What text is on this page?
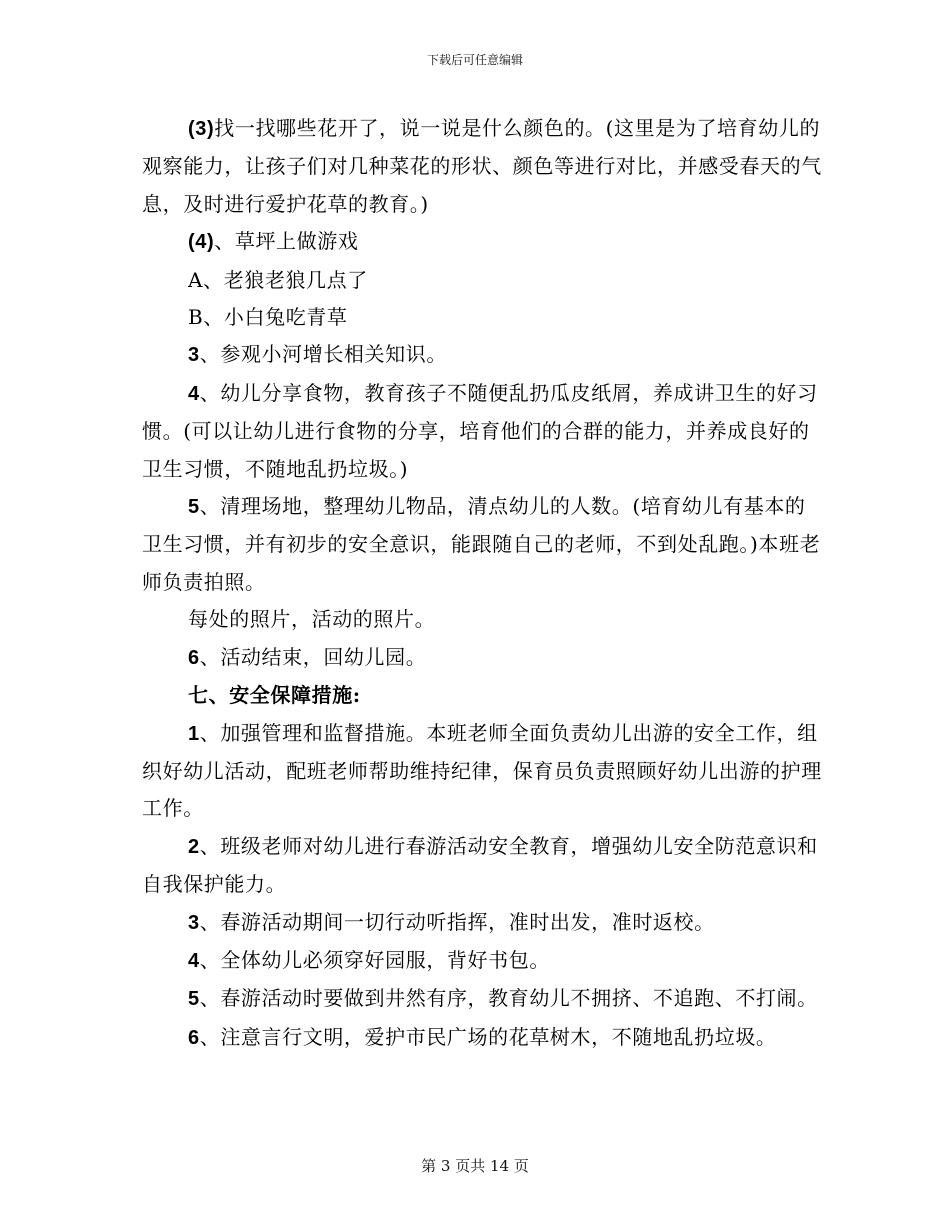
下载后可任意编辑

(3)找一找哪些花开了，说一说是什么颜色的。(这里是为了培育幼儿的观察能力，让孩子们对几种菜花的形状、颜色等进行对比，并感受春天的气息，及时进行爱护花草的教育。)

(4)、草坪上做游戏

A、老狼老狼几点了

B、小白兔吃青草

3、参观小河增长相关知识。

4、幼儿分享食物，教育孩子不随便乱扔瓜皮纸屑，养成讲卫生的好习惯。(可以让幼儿进行食物的分享，培育他们的合群的能力，并养成良好的卫生习惯，不随地乱扔垃圾。)

5、清理场地，整理幼儿物品，清点幼儿的人数。(培育幼儿有基本的卫生习惯，并有初步的安全意识，能跟随自己的老师，不到处乱跑。)本班老师负责拍照。

每处的照片，活动的照片。

6、活动结束，回幼儿园。

七、安全保障措施:

1、加强管理和监督措施。本班老师全面负责幼儿出游的安全工作，组织好幼儿活动，配班老师帮助维持纪律，保育员负责照顾好幼儿出游的护理工作。

2、班级老师对幼儿进行春游活动安全教育，增强幼儿安全防范意识和自我保护能力。

3、春游活动期间一切行动听指挥，准时出发，准时返校。

4、全体幼儿必须穿好园服，背好书包。

5、春游活动时要做到井然有序，教育幼儿不拥挤、不追跑、不打闹。

6、注意言行文明，爱护市民广场的花草树木，不随地乱扔垃圾。

第 3 页共 14 页
